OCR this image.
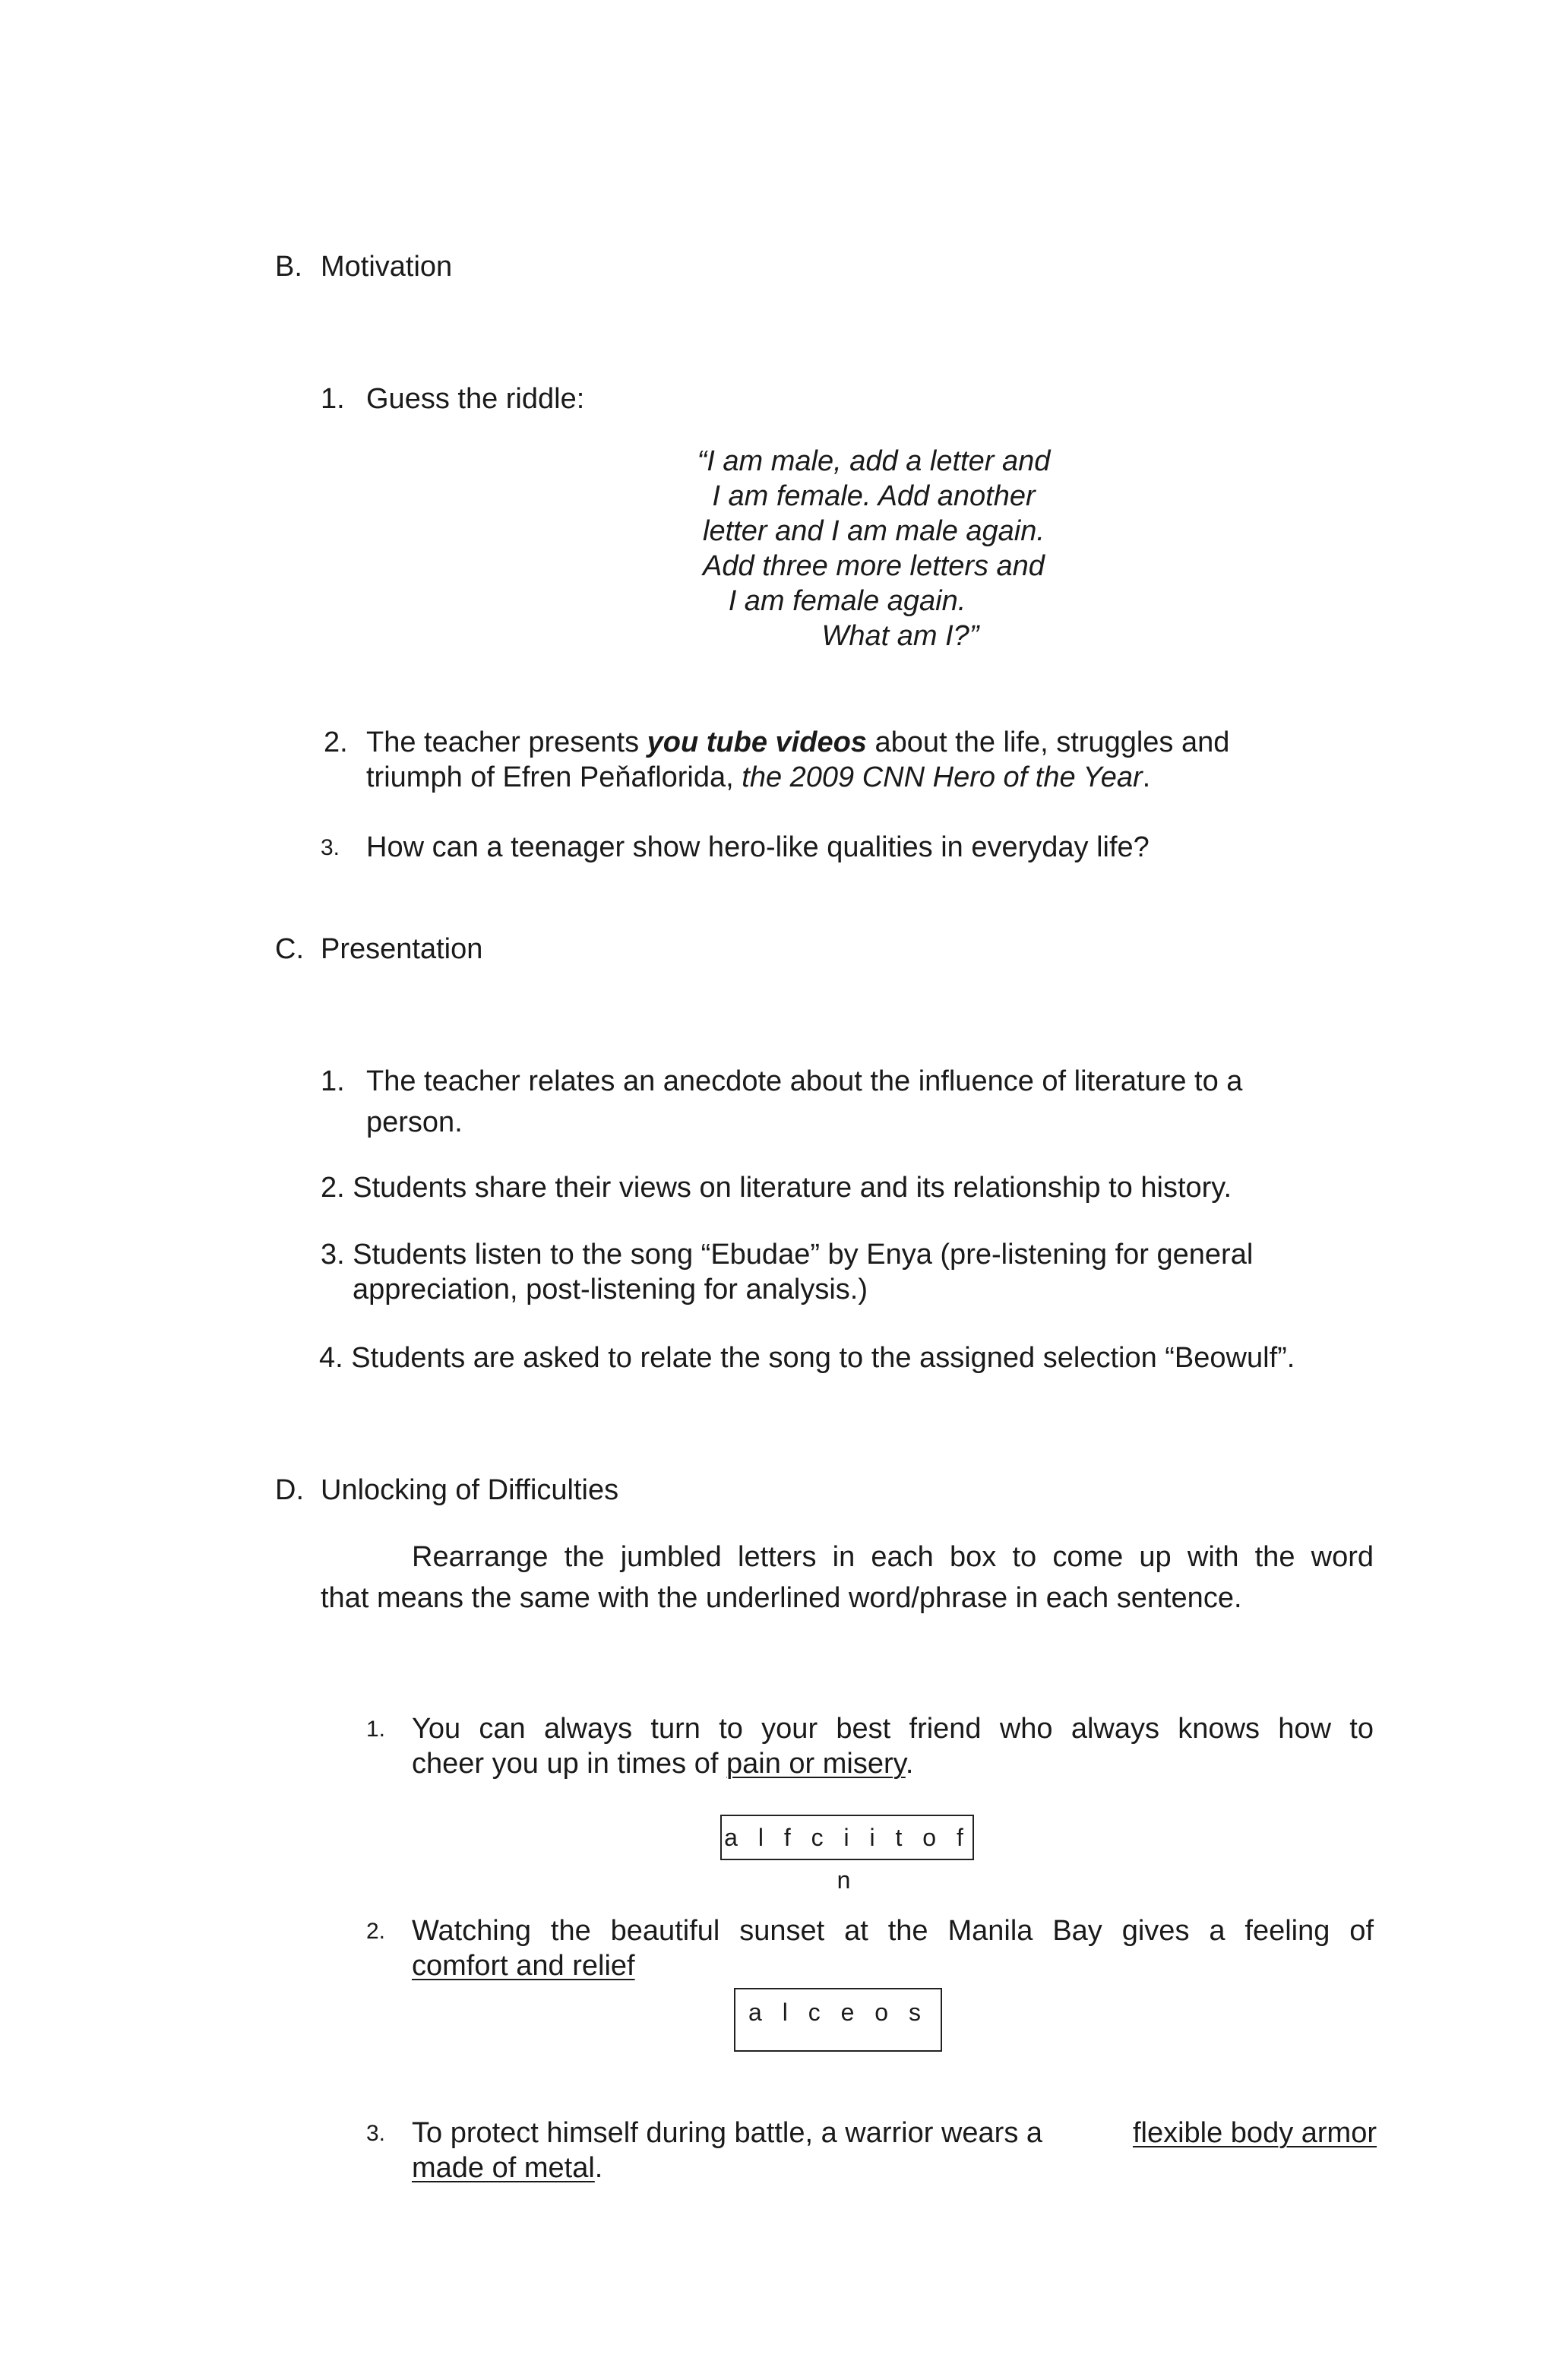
B. Motivation
1. Guess the riddle:
“I am male, add a letter and
I am female. Add another
letter and I am male again.
Add three more letters and
I am female again.
What am I?”
2. The teacher presents you tube videos about the life, struggles and
triumph of Efren Peňaflorida, the 2009 CNN Hero of the Year.
3. How can a teenager show hero-like qualities in everyday life?
C. Presentation
1. The teacher relates an anecdote about the influence of literature to a
person.
2. Students share their views on literature and its relationship to history.
3. Students listen to the song “Ebudae” by Enya (pre-listening for general
appreciation, post-listening for analysis.)
4. Students are asked to relate the song to the assigned selection “Beowulf”.
D. Unlocking of Difficulties
Rearrange the jumbled letters in each box to come up with the word
that means the same with the underlined word/phrase in each sentence.
1. You can always turn to your best friend who always knows how to
cheer you up in times of pain or misery.
a l f c i i t o f n
2. Watching the beautiful sunset at the Manila Bay gives a feeling of
comfort and relief
a l c e o s
3. To protect himself during battle, a warrior wears a	flexible body armor
made of metal.
